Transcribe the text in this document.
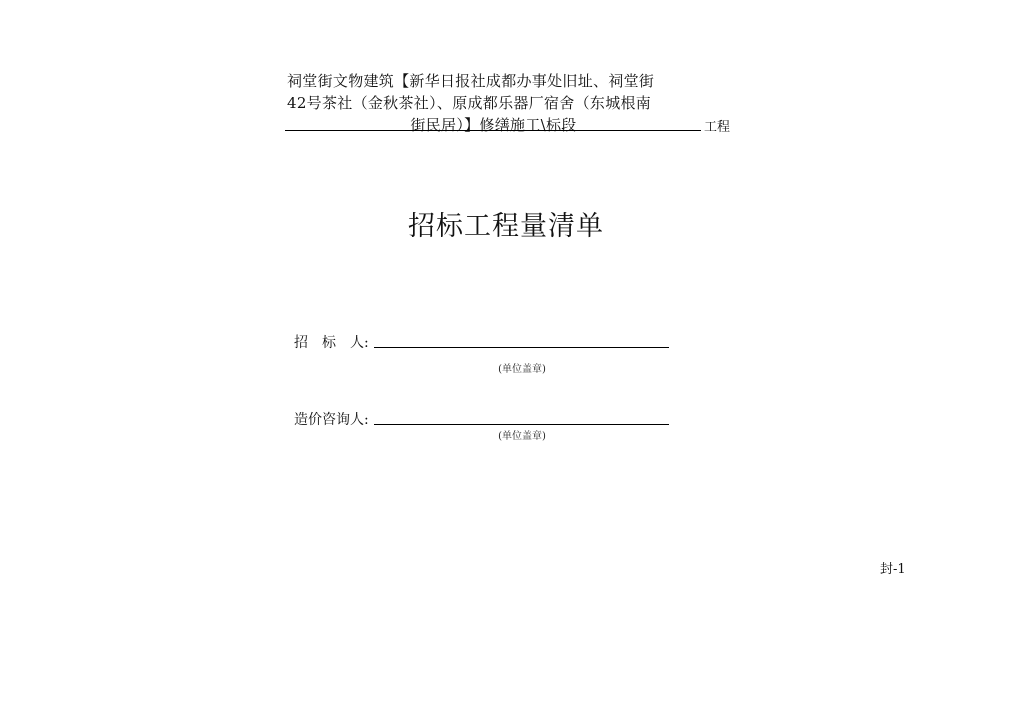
祠堂街文物建筑【新华日报社成都办事处旧址、祠堂街
42号茶社（金秋茶社）、原成都乐器厂宿舍（东城根南
街民居）】修缮施工\标段	工程
招标工程量清单
招　标　人:
(单位盖章)
造价咨询人:
(单位盖章)
封-1
